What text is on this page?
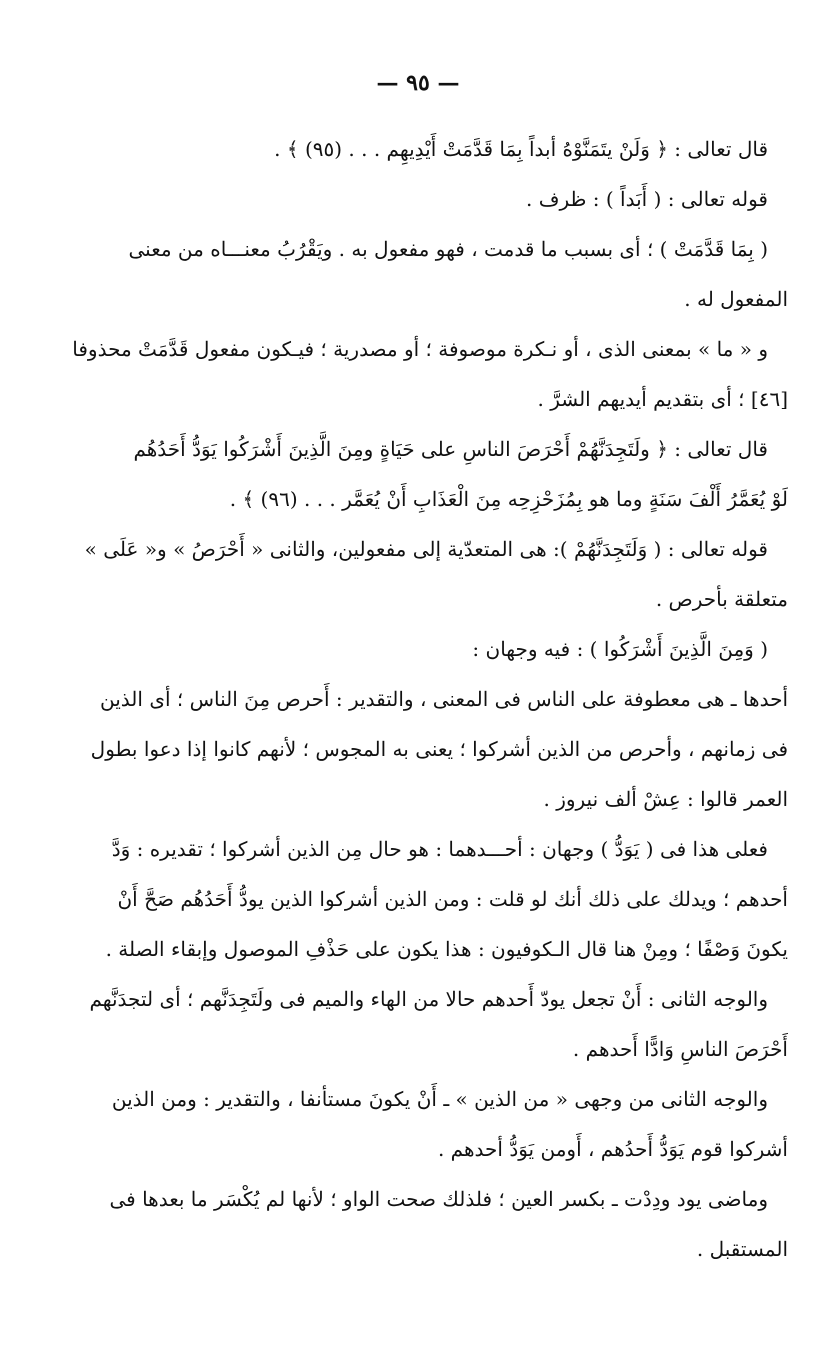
— ٩٥ —
قال تعالى : ﴿ وَلَنْ يتَمَنَّوْهُ أبداً بِمَا قَدَّمَتْ أَيْدِيهِم . . . (٩٥) ﴾ .
قوله تعالى : ( أَبَداً ) : ظرف .
( بِمَا قَدَّمَتْ ) ؛ أى بسبب ما قدمت ، فهو مفعول به . ويَقْرُبُ معنـــاه من معنى
المفعول له .
و « ما » بمعنى الذى ، أو نـكرة موصوفة ؛ أو مصدرية ؛ فيـكون مفعول قَدَّمَتْ محذوفا
[٤٦] ؛ أى بتقديم أيديهم الشرَّ .
قال تعالى : ﴿ ولَتَجِدَنَّهُمْ أَحْرَصَ الناسِ على حَيَاةٍ ومِنَ الَّذِينَ أَشْرَكُوا يَوَدُّ أَحَدُهُم
لَوْ يُعَمَّرُ أَلْفَ سَنَةٍ وما هو بِمُزَحْزِحِه مِنَ الْعَذَابِ أَنْ يُعَمَّر . . . (٩٦) ﴾ .
قوله تعالى : ( وَلَتَجِدَنَّهُمْ ): هى المتعدّية إلى مفعولين، والثانى « أَحْرَصُ » و« عَلَى »
متعلقة بأحرص .
( وَمِنَ الَّذِينَ أَشْرَكُوا ) : فيه وجهان :
أحدها ـ هى معطوفة على الناس فى المعنى ، والتقدير : أَحرص مِنَ الناس ؛ أى الذين
فى زمانهم ، وأحرص من الذين أشركوا ؛ يعنى به المجوس ؛ لأنهم كانوا إذا دعوا بطول
العمر قالوا : عِشْ ألف نيروز .
فعلى هذا فى ( يَوَدُّ ) وجهان : أحـــدهما : هو حال مِن الذين أشركوا ؛ تقديره : وَدَّ
أحدهم ؛ ويدلك على ذلك أنك لو قلت : ومن الذين أشركوا الذين يودُّ أَحَدُهُم صَحَّ أَنْ
يكونَ وَصْفًا ؛ ومِنْ هنا قال الـكوفيون : هذا يكون على حَذْفِ الموصول وإبقاء الصلة .
والوجه الثانى : أَنْ تجعل يودّ أَحدهم حالا من الهاء والميم فى ولَتَجِدَنَّهم ؛ أى لتجدَنَّهم
أَحْرَصَ الناسِ وَادًّا أَحدهم .
والوجه الثانى من وجهى « من الذين » ـ أَنْ يكونَ مستأنفا ، والتقدير : ومن الذين
أشركوا قوم يَوَدُّ أَحدُهم ، أَومن يَوَدُّ أحدهم .
وماضى يود ودِدْت ـ بكسر العين ؛ فلذلك صحت الواو ؛ لأنها لم يُكْسَر ما بعدها فى
المستقبل .
